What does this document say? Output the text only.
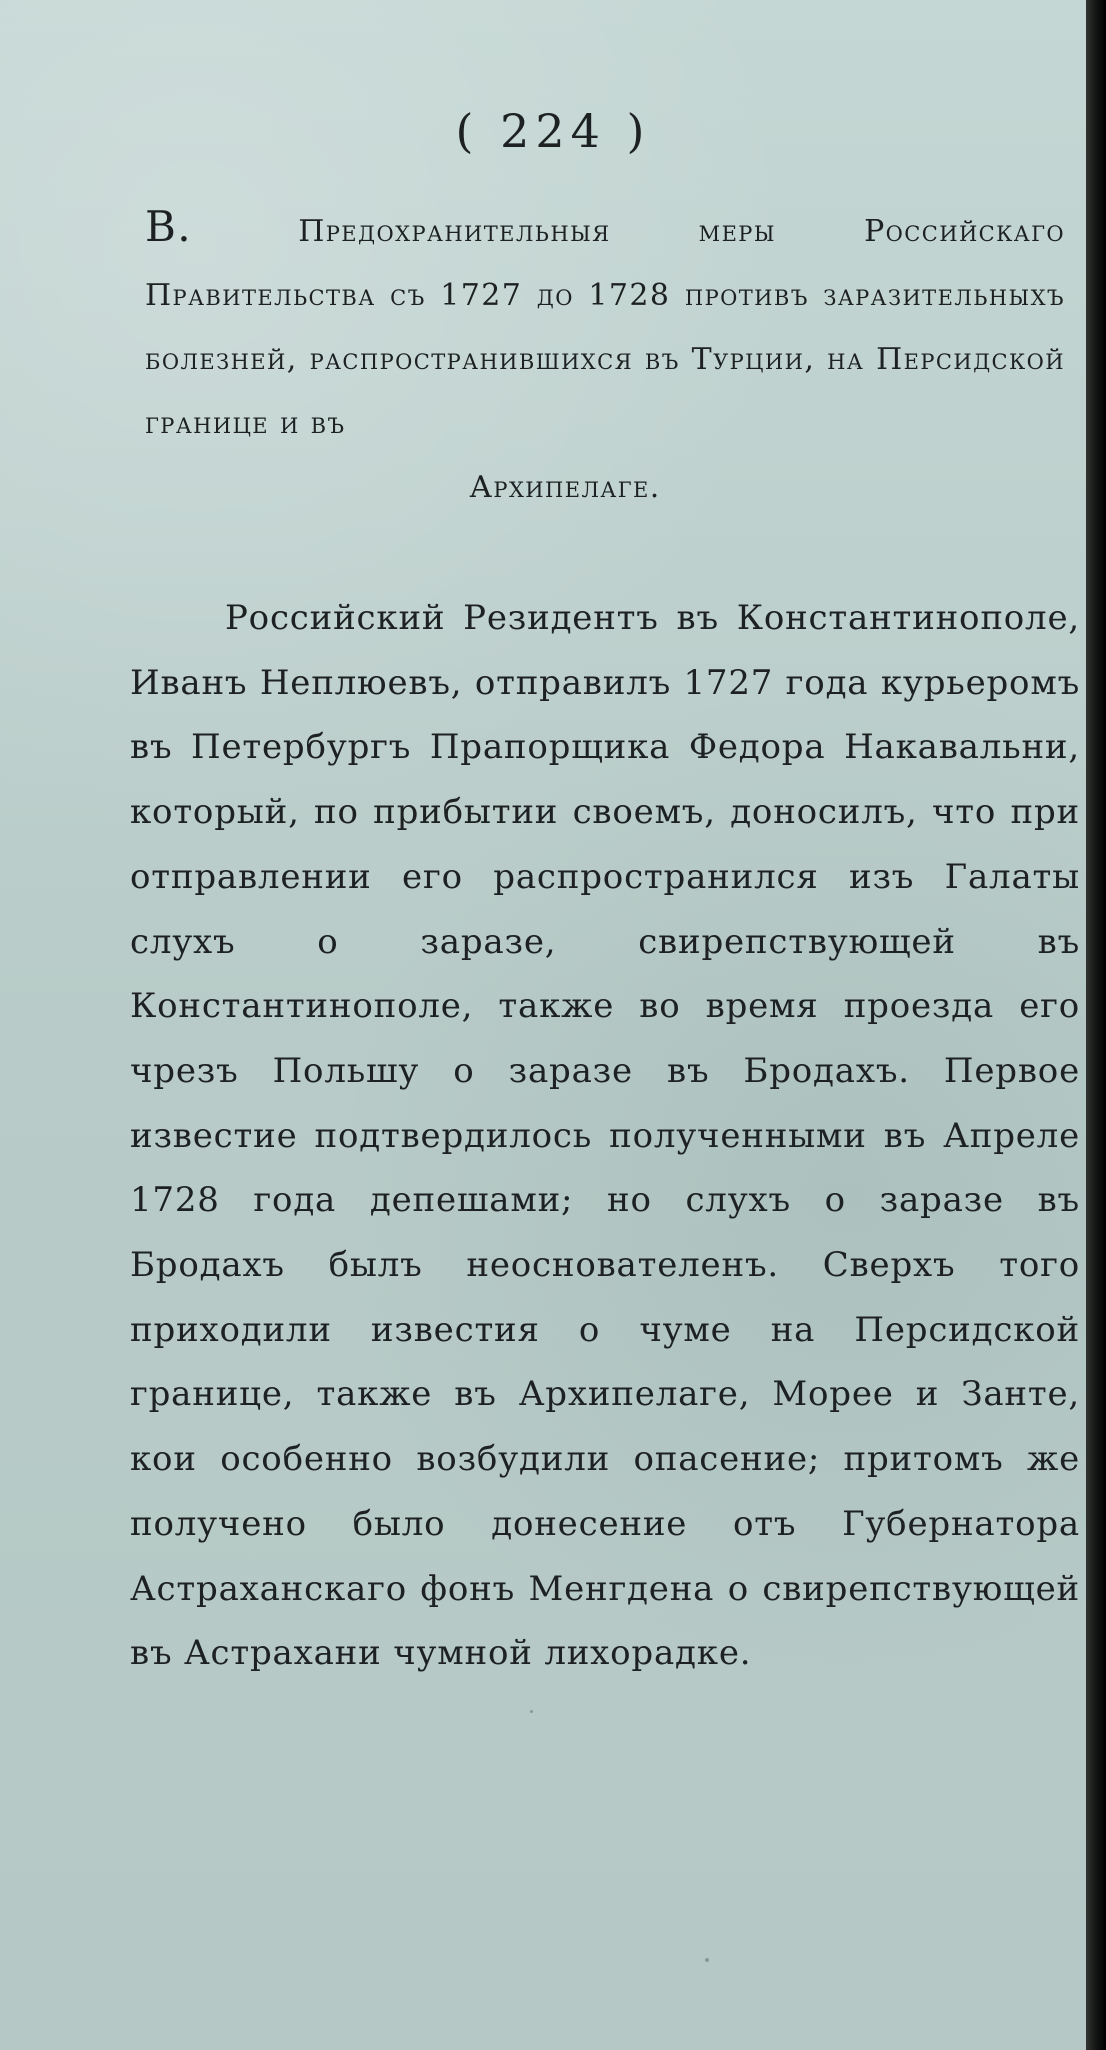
( 224 )
В.	Предохранительныя меры Российскаго Правительства съ 1727 до 1728 противъ заразительныхъ болезней, распространившихся въ Турции, на Персидской границе и въ
Архипелаге.

Российский Резидентъ въ Константинополе, Иванъ Неплюевъ, отправилъ 1727 года курьеромъ въ Петербургъ Прапорщика Федора Накавальни, который, по прибытии своемъ, доносилъ, что при отправлении его распространился изъ Галаты слухъ о заразе, свирепствующей въ Константинополе, также во время проезда его чрезъ Польшу о заразе въ Бродахъ. Первое известие подтвердилось полученными въ Апреле 1728 года депешами; но слухъ о заразе въ Бродахъ былъ неоснователенъ. Сверхъ того приходили известия о чуме на Персидской границе, также въ Архипелаге, Морее и Занте, кои особенно возбудили опасение; притомъ же получено было донесение отъ Губернатора Астраханскаго фонъ Менгдена о свирепствующей въ Астрахани чумной лихорадке.
